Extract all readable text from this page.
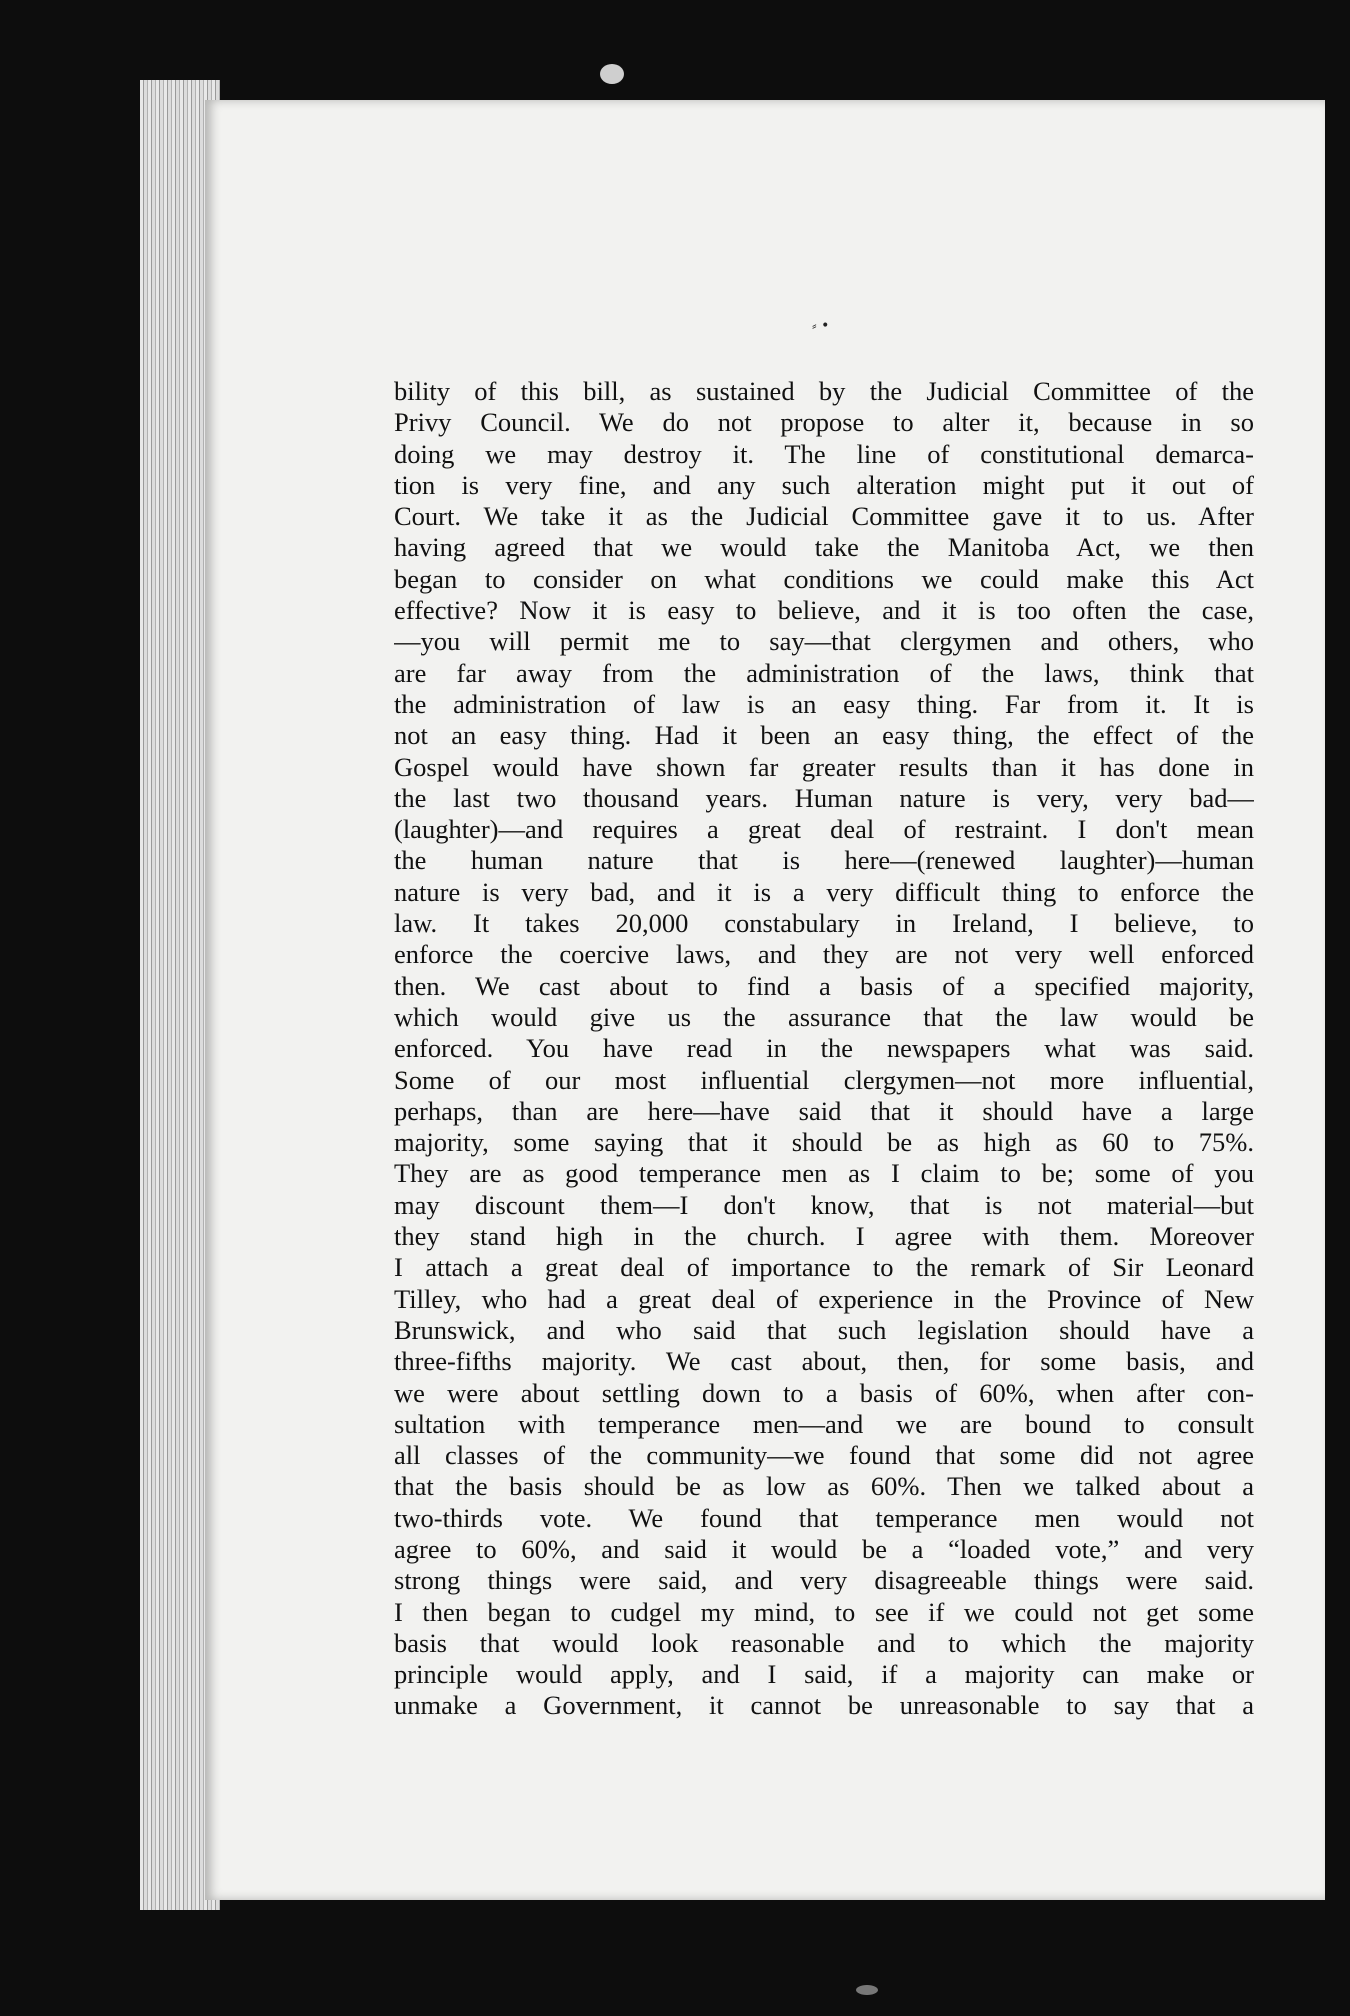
⸗ •
bility of this bill, as sustained by the Judicial Committee of the
Privy Council. We do not propose to alter it, because in so
doing we may destroy it. The line of constitutional demarca-
tion is very fine, and any such alteration might put it out of
Court. We take it as the Judicial Committee gave it to us. After
having agreed that we would take the Manitoba Act, we then
began to consider on what conditions we could make this Act
effective? Now it is easy to believe, and it is too often the case,
—you will permit me to say—that clergymen and others, who
are far away from the administration of the laws, think that
the administration of law is an easy thing. Far from it. It is
not an easy thing. Had it been an easy thing, the effect of the
Gospel would have shown far greater results than it has done in
the last two thousand years. Human nature is very, very bad—
(laughter)—and requires a great deal of restraint. I don't mean
the human nature that is here—(renewed laughter)—human
nature is very bad, and it is a very difficult thing to enforce the
law. It takes 20,000 constabulary in Ireland, I believe, to
enforce the coercive laws, and they are not very well enforced
then. We cast about to find a basis of a specified majority,
which would give us the assurance that the law would be
enforced. You have read in the newspapers what was said.
Some of our most influential clergymen—not more influential,
perhaps, than are here—have said that it should have a large
majority, some saying that it should be as high as 60 to 75%.
They are as good temperance men as I claim to be; some of you
may discount them—I don't know, that is not material—but
they stand high in the church. I agree with them. Moreover
I attach a great deal of importance to the remark of Sir Leonard
Tilley, who had a great deal of experience in the Province of New
Brunswick, and who said that such legislation should have a
three-fifths majority. We cast about, then, for some basis, and
we were about settling down to a basis of 60%, when after con-
sultation with temperance men—and we are bound to consult
all classes of the community—we found that some did not agree
that the basis should be as low as 60%. Then we talked about a
two-thirds vote. We found that temperance men would not
agree to 60%, and said it would be a “loaded vote,” and very
strong things were said, and very disagreeable things were said.
I then began to cudgel my mind, to see if we could not get some
basis that would look reasonable and to which the majority
principle would apply, and I said, if a majority can make or
unmake a Government, it cannot be unreasonable to say that a
